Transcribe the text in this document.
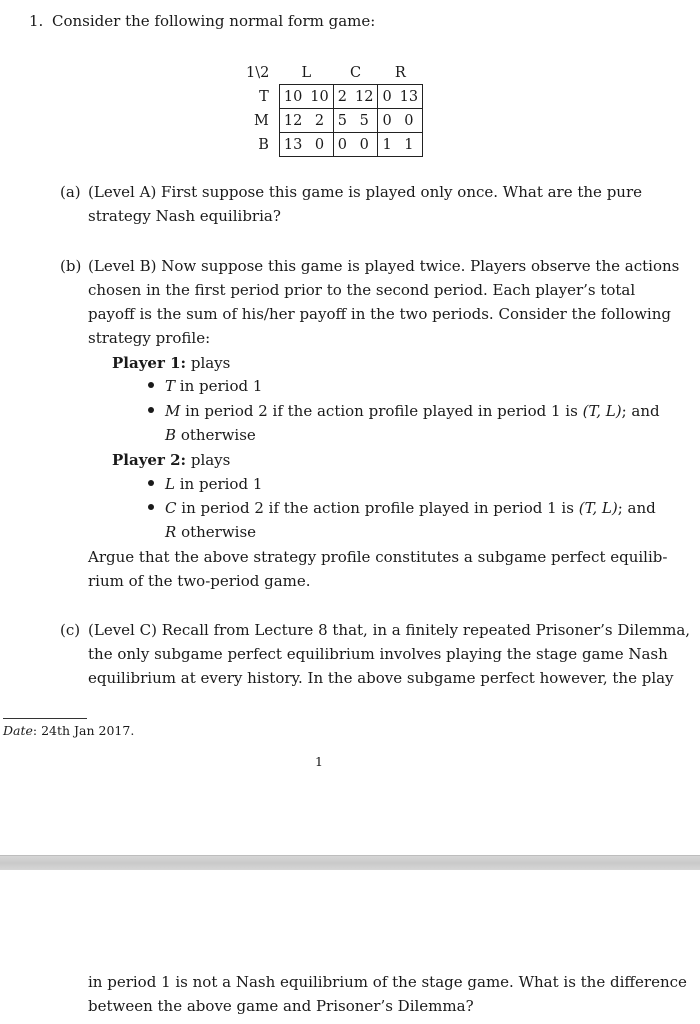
1. Consider the following normal form game:
1\2	L		C		R	
T	10	10	2	12	0	13
M	12	2	5	5	0	0
B	13	0	0	0	1	1
(a) (Level A) First suppose this game is played only once. What are the pure
strategy Nash equilibria?
(b) (Level B) Now suppose this game is played twice. Players observe the actions
chosen in the first period prior to the second period. Each player’s total
payoff is the sum of his/her payoff in the two periods. Consider the following
strategy profile:
Player 1: plays
T in period 1
M in period 2 if the action profile played in period 1 is (T, L); and
B otherwise
Player 2: plays
L in period 1
C in period 2 if the action profile played in period 1 is (T, L); and
R otherwise
Argue that the above strategy profile constitutes a subgame perfect equilib-
rium of the two-period game.
(c) (Level C) Recall from Lecture 8 that, in a finitely repeated Prisoner’s Dilemma,
the only subgame perfect equilibrium involves playing the stage game Nash
equilibrium at every history. In the above subgame perfect however, the play
Date: 24th Jan 2017.
1
in period 1 is not a Nash equilibrium of the stage game. What is the difference
between the above game and Prisoner’s Dilemma?
